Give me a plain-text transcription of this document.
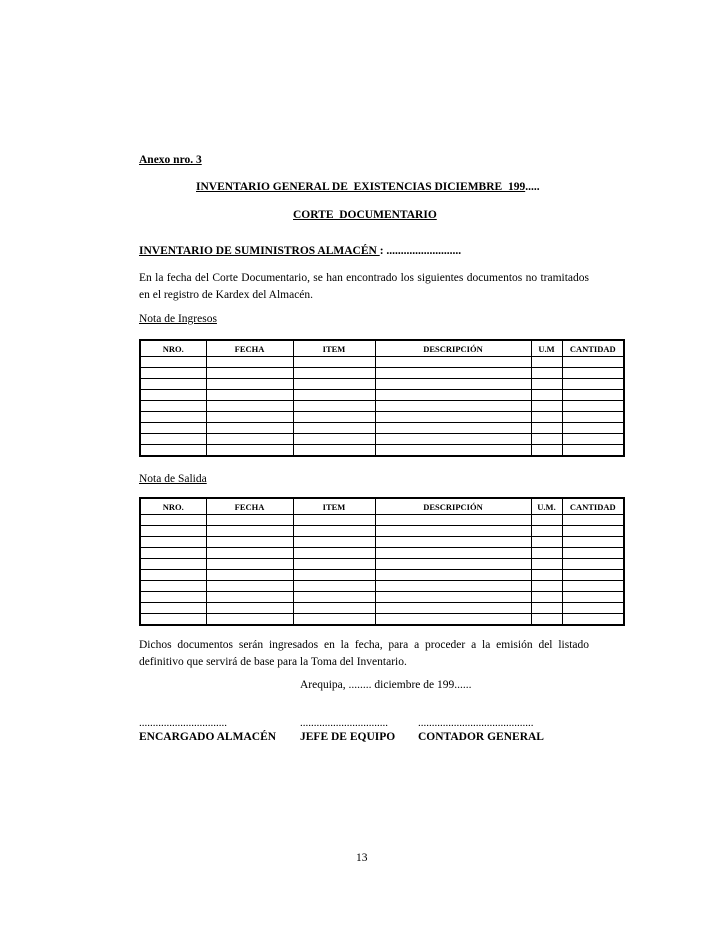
Anexo nro. 3
INVENTARIO GENERAL DE  EXISTENCIAS DICIEMBRE  199.....
CORTE  DOCUMENTARIO
INVENTARIO DE SUMINISTROS ALMACÉN : ..........................
En la fecha del Corte Documentario, se han encontrado los siguientes documentos no tramitados en el registro de Kardex del Almacén.
Nota de Ingresos
NRO.	FECHA	ITEM	DESCRIPCIÓN	U.M	CANTIDAD

Nota de Salida
NRO.	FECHA	ITEM	DESCRIPCIÓN	U.M.	CANTIDAD

Dichos documentos serán ingresados en la fecha, para a proceder a la emisión del listado definitivo que servirá de base para la Toma del Inventario.
Arequipa, ........ diciembre de 199......
................................	................................	..........................................
ENCARGADO ALMACÉN JEFE DE EQUIPO CONTADOR GENERAL
13
